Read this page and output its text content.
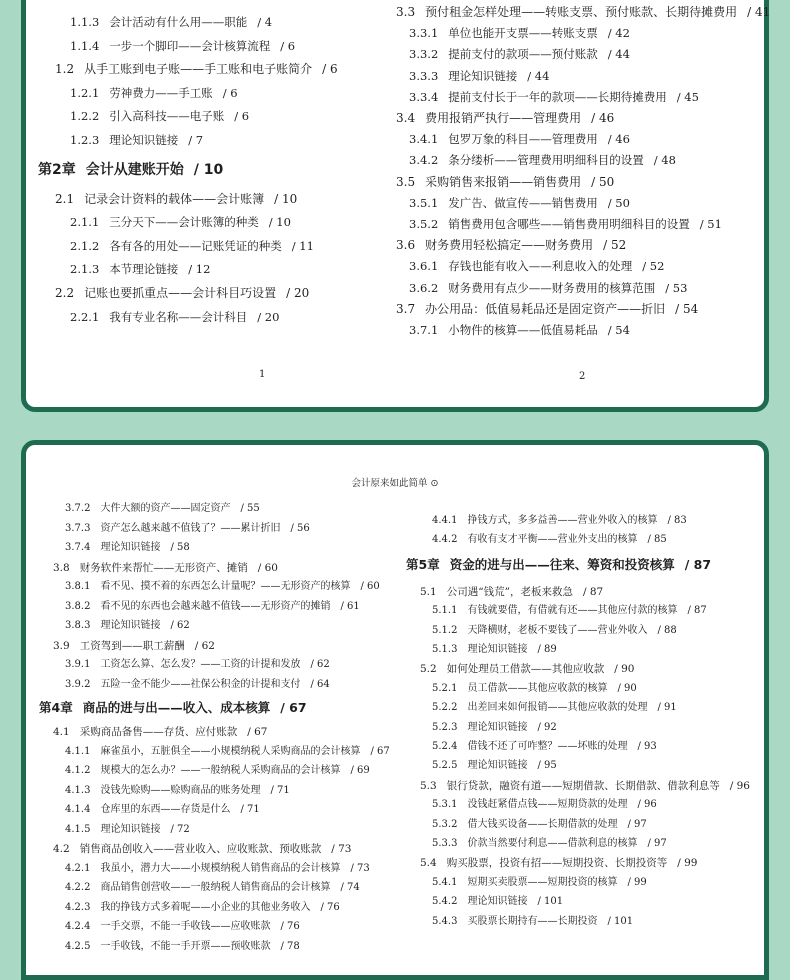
1.1.3 会计活动有什么用——职能 / 4
1.1.4 一步一个脚印——会计核算流程 / 6
1.2 从手工账到电子账——手工账和电子账简介 / 6
1.2.1 劳神费力——手工账 / 6
1.2.2 引入高科技——电子账 / 6
1.2.3 理论知识链接 / 7
第2章 会计从建账开始 / 10
2.1 记录会计资料的载体——会计账簿 / 10
2.1.1 三分天下——会计账簿的种类 / 10
2.1.2 各有各的用处——记账凭证的种类 / 11
2.1.3 本节理论链接 / 12
2.2 记账也要抓重点——会计科目巧设置 / 20
2.2.1 我有专业名称——会计科目 / 20
3.3 预付租金怎样处理——转账支票、预付账款、长期待摊费用 / 41
3.3.1 单位也能开支票——转账支票 / 42
3.3.2 提前支付的款项——预付账款 / 44
3.3.3 理论知识链接 / 44
3.3.4 提前支付长于一年的款项——长期待摊费用 / 45
3.4 费用报销严执行——管理费用 / 46
3.4.1 包罗万象的科目——管理费用 / 46
3.4.2 条分缕析——管理费用明细科目的设置 / 48
3.5 采购销售来报销——销售费用 / 50
3.5.1 发广告、做宣传——销售费用 / 50
3.5.2 销售费用包含哪些——销售费用明细科目的设置 / 51
3.6 财务费用轻松搞定——财务费用 / 52
3.6.1 存钱也能有收入——利息收入的处理 / 52
3.6.2 财务费用有点少——财务费用的核算范围 / 53
3.7 办公用品：低值易耗品还是固定资产——折旧 / 54
3.7.1 小物件的核算——低值易耗品 / 54
1	2
会计原来如此简单 ⊙
3.7.2 大件大额的资产——固定资产 / 55
3.7.3 资产怎么越来越不值钱了？——累计折旧 / 56
3.7.4 理论知识链接 / 58
3.8 财务软件来帮忙——无形资产、摊销 / 60
3.8.1 看不见、摸不着的东西怎么计量呢？——无形资产的核算 / 60
3.8.2 看不见的东西也会越来越不值钱——无形资产的摊销 / 61
3.8.3 理论知识链接 / 62
3.9 工资驾到——职工薪酬 / 62
3.9.1 工资怎么算、怎么发？——工资的计提和发放 / 62
3.9.2 五险一金不能少——社保公积金的计提和支付 / 64
第4章 商品的进与出——收入、成本核算 / 67
4.1 采购商品备售——存货、应付账款 / 67
4.1.1 麻雀虽小，五脏俱全——小规模纳税人采购商品的会计核算 / 67
4.1.2 规模大的怎么办？——一般纳税人采购商品的会计核算 / 69
4.1.3 没钱先赊购——赊购商品的账务处理 / 71
4.1.4 仓库里的东西——存货是什么 / 71
4.1.5 理论知识链接 / 72
4.2 销售商品创收入——营业收入、应收账款、预收账款 / 73
4.2.1 我虽小，潜力大——小规模纳税人销售商品的会计核算 / 73
4.2.2 商品销售创营收——一般纳税人销售商品的会计核算 / 74
4.2.3 我的挣钱方式多着呢——小企业的其他业务收入 / 76
4.2.4 一手交票，不能一手收钱——应收账款 / 76
4.2.5 一手收钱，不能一手开票——预收账款 / 78
4.4.1 挣钱方式，多多益善——营业外收入的核算 / 83
4.4.2 有收有支才平衡——营业外支出的核算 / 85
第5章 资金的进与出——往来、筹资和投资核算 / 87
5.1 公司遇“钱荒”，老板来救急 / 87
5.1.1 有钱就要借，有借就有还——其他应付款的核算 / 87
5.1.2 天降横财，老板不要钱了——营业外收入 / 88
5.1.3 理论知识链接 / 89
5.2 如何处理员工借款——其他应收款 / 90
5.2.1 员工借款——其他应收款的核算 / 90
5.2.2 出差回来如何报销——其他应收款的处理 / 91
5.2.3 理论知识链接 / 92
5.2.4 借钱不还了可咋整？——坏账的处理 / 93
5.2.5 理论知识链接 / 95
5.3 银行贷款，融资有道——短期借款、长期借款、借款利息等 / 96
5.3.1 没钱赶紧借点钱——短期贷款的处理 / 96
5.3.2 借大钱买设备——长期借款的处理 / 97
5.3.3 价款当然要付利息——借款利息的核算 / 97
5.4 购买股票，投资有招——短期投资、长期投资等 / 99
5.4.1 短期买卖股票——短期投资的核算 / 99
5.4.2 理论知识链接 / 101
5.4.3 买股票长期持有——长期投资 / 101
